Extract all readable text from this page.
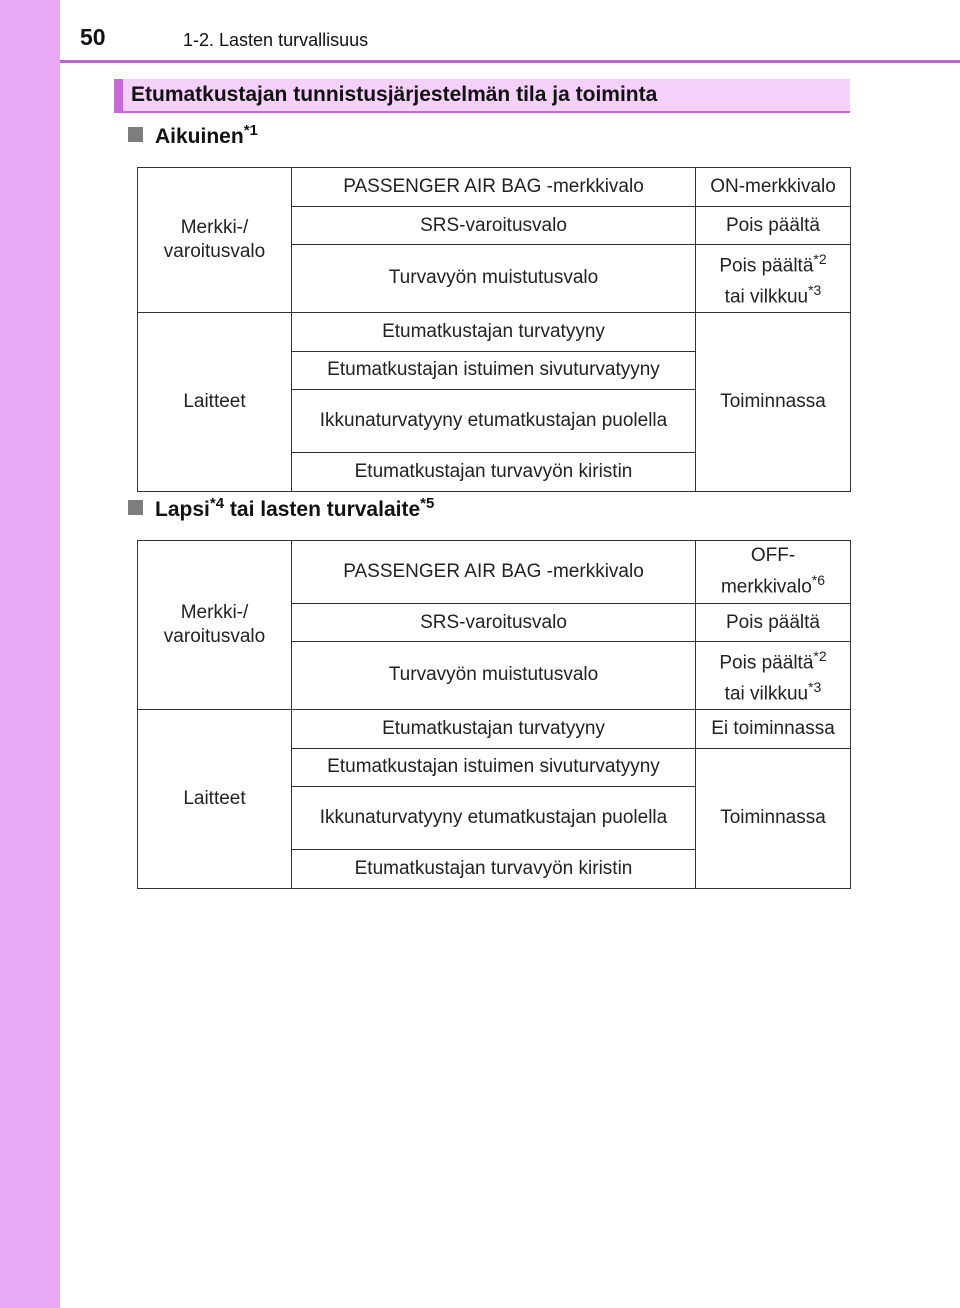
50	1-2. Lasten turvallisuus
Etumatkustajan tunnistusjärjestelmän tila ja toiminta
Aikuinen$^{*1}$
Merkki-/ varoitusvalo	PASSENGER AIR BAG -merkkivalo	ON-merkkivalo
	SRS-varoitusvalo	Pois päältä
	Turvavyön muistutusvalo	Pois päältä$^{*2}$
tai vilkkuu$^{*3}$
Laitteet	Etumatkustajan turvatyyny	Toiminnassa
	Etumatkustajan istuimen sivuturvatyyny	
	Ikkunaturvatyyny etumatkustajan puolella	
	Etumatkustajan turvavyön kiristin	
Lapsi$^{*4}$ tai lasten turvalaite$^{*5}$
Merkki-/ varoitusvalo	PASSENGER AIR BAG -merkkivalo	OFF-
merkkivalo$^{*6}$
	SRS-varoitusvalo	Pois päältä
	Turvavyön muistutusvalo	Pois päältä$^{*2}$
tai vilkkuu$^{*3}$
Laitteet	Etumatkustajan turvatyyny	Ei toiminnassa
	Etumatkustajan istuimen sivuturvatyyny	Toiminnassa
	Ikkunaturvatyyny etumatkustajan puolella	
	Etumatkustajan turvavyön kiristin	
